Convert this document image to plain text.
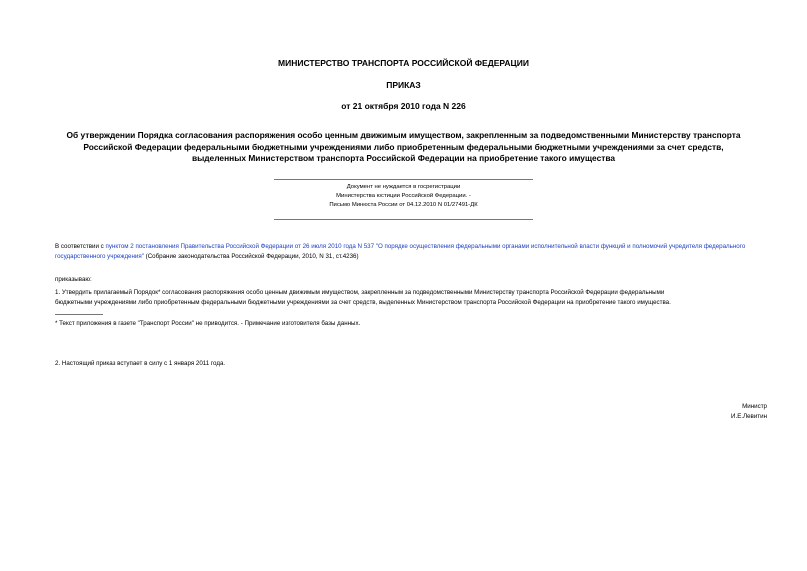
МИНИСТЕРСТВО ТРАНСПОРТА РОССИЙСКОЙ ФЕДЕРАЦИИ
ПРИКАЗ
от 21 октября 2010 года N 226
Об утверждении Порядка согласования распоряжения особо ценным движимым имуществом, закрепленным за подведомственными Министерству транспорта
Российской Федерации федеральными бюджетными учреждениями либо приобретенным федеральными бюджетными учреждениями за счет средств,
выделенных Министерством транспорта Российской Федерации на приобретение такого имущества
Документ не нуждается в госрегистрации
Министерства юстиции Российской Федерации. -
Письмо Минюста России от 04.12.2010 N 01/27491-ДК
В соответствии с пунктом 2 постановления Правительства Российской Федерации от 26 июля 2010 года N 537 "О порядке осуществления федеральными органами исполнительной власти функций и полномочий учредителя федерального государственного учреждения" (Собрание законодательства Российской Федерации, 2010, N 31, ст.4236)
приказываю:
1. Утвердить прилагаемый Порядок* согласования распоряжения особо ценным движимым имуществом, закрепленным за подведомственными Министерству транспорта Российской Федерации федеральными
бюджетными учреждениями либо приобретенным федеральными бюджетными учреждениями за счет средств, выделенных Министерством транспорта Российской Федерации на приобретение такого имущества.
* Текст приложения в газете "Транспорт России" не приводится. - Примечание изготовителя базы данных.
2. Настоящий приказ вступает в силу с 1 января 2011 года.
Министр
И.Е.Левитин
